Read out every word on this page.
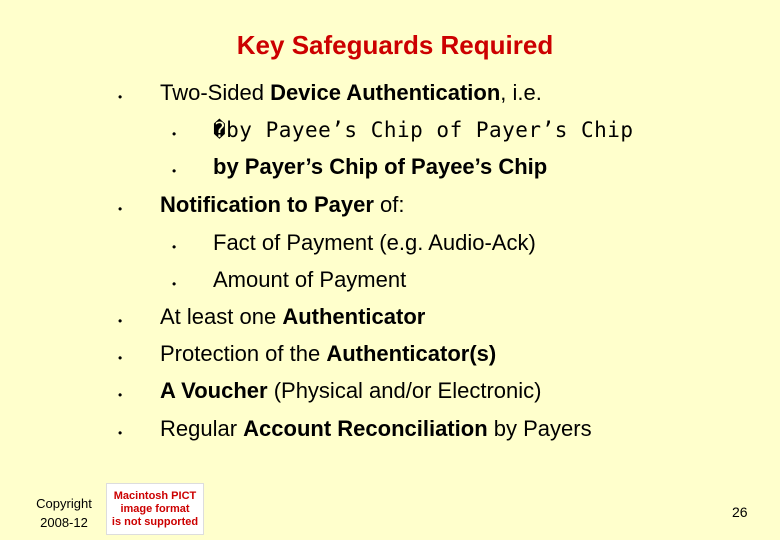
Key Safeguards Required
•
•
•
•
•
•
•
•
•
•
Two-Sided Device Authentication, i.e.
�by Payee’s Chip of Payer’s Chip
by Payer’s Chip of Payee’s Chip
Notification to Payer of:
Fact of Payment (e.g. Audio-Ack)
Amount of Payment
At least one Authenticator
Protection of the Authenticator(s)
A Voucher (Physical and/or Electronic)
Regular Account Reconciliation by Payers
Copyright
2008-12
Macintosh PICT
image format
is not supported
26
